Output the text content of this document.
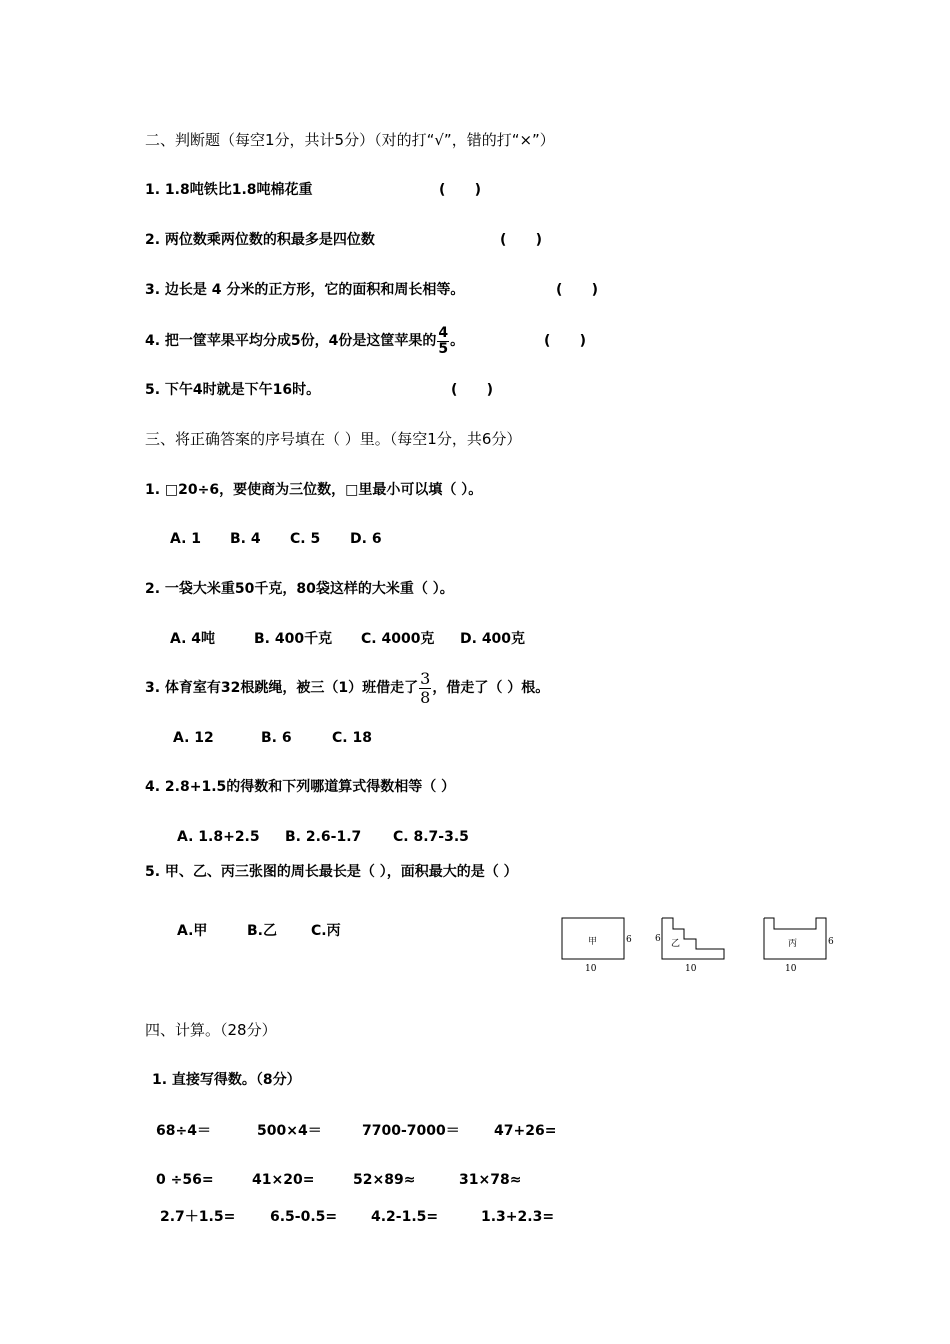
二、判断题（每空1分，共计5分）（对的打“√”，错的打“×”）
1. 1.8吨铁比1.8吨棉花重	(      )
2. 两位数乘两位数的积最多是四位数	(      )
3. 边长是 4 分米的正方形，它的面积和周长相等。	(      )
4. 把一筐苹果平均分成5份，4份是这筐苹果的 $\frac{4}{5}$ 。	(      )
5. 下午4时就是下午16时。	(      )
三、将正确答案的序号填在（ ）里。（每空1分，共6分）
1. □20÷6，要使商为三位数，□里最小可以填（ ）。
A. 1 B. 4 C. 5 D. 6
2. 一袋大米重50千克，80袋这样的大米重（ ）。
A. 4吨	B. 400千克 C. 4000克 D. 400克
3. 体育室有32根跳绳，被三（1）班借走了 $\frac{3}{8}$ ，借走了（ ）根。
A. 12	B. 6	C. 18
4. 2.8+1.5的得数和下列哪道算式得数相等（ ）
A. 1.8+2.5 B. 2.6-1.7 C. 8.7-3.5
5. 甲、乙、丙三张图的周长最长是（ ），面积最大的是（ ）
A.甲	B.乙 C.丙
甲	6
10
乙
6
10
丙	6
10
四、计算。（28分）
1. 直接写得数。（8分）
68÷4＝	500×4＝	7700-7000＝ 47+26=
0 ÷56=	41×20=	52×89≈	31×78≈
2.7＋1.5= 6.5-0.5= 4.2-1.5=	1.3+2.3=
